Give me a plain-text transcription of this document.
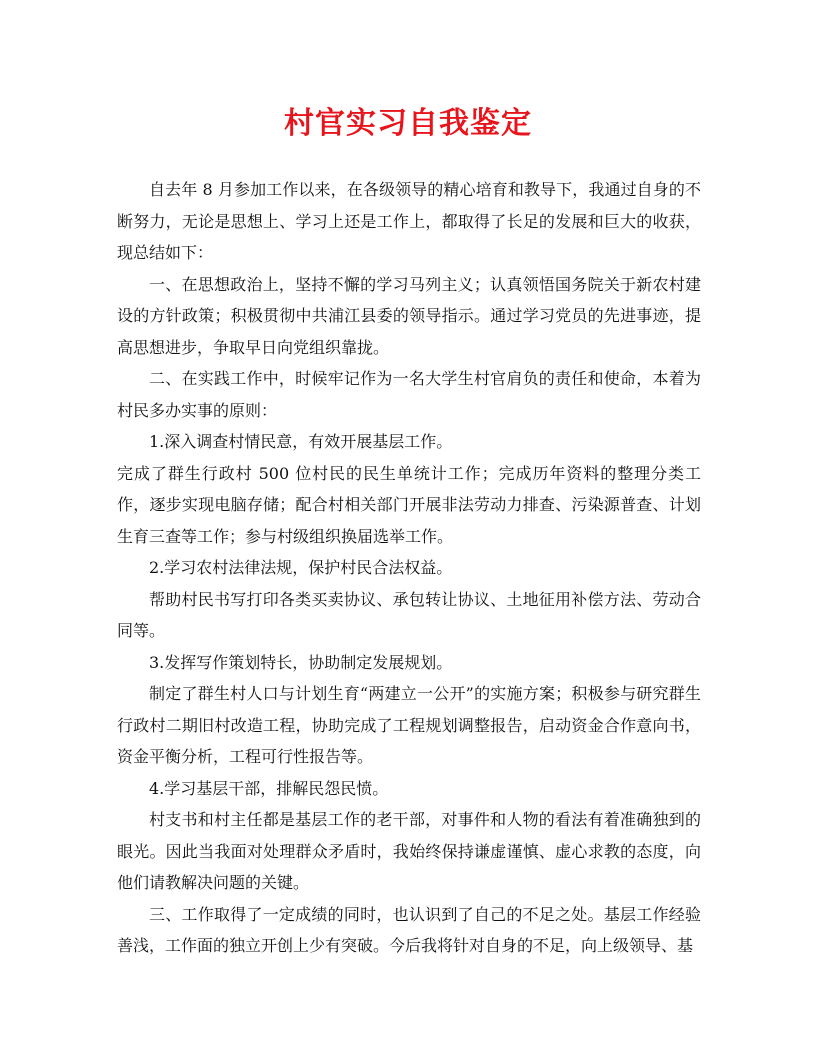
村官实习自我鉴定

自去年 8 月参加工作以来，在各级领导的精心培育和教导下，我通过自身的不断努力，无论是思想上、学习上还是工作上，都取得了长足的发展和巨大的收获，现总结如下：

一、在思想政治上，坚持不懈的学习马列主义；认真领悟国务院关于新农村建设的方针政策；积极贯彻中共浦江县委的领导指示。通过学习党员的先进事迹，提高思想进步，争取早日向党组织靠拢。

二、在实践工作中，时候牢记作为一名大学生村官肩负的责任和使命，本着为村民多办实事的原则：

1.深入调查村情民意，有效开展基层工作。

完成了群生行政村 500 位村民的民生单统计工作；完成历年资料的整理分类工作，逐步实现电脑存储；配合村相关部门开展非法劳动力排查、污染源普查、计划生育三查等工作；参与村级组织换届选举工作。

2.学习农村法律法规，保护村民合法权益。

帮助村民书写打印各类买卖协议、承包转让协议、土地征用补偿方法、劳动合同等。

3.发挥写作策划特长，协助制定发展规划。

制定了群生村人口与计划生育“两建立一公开”的实施方案；积极参与研究群生行政村二期旧村改造工程，协助完成了工程规划调整报告，启动资金合作意向书，资金平衡分析，工程可行性报告等。

4.学习基层干部，排解民怨民愤。

村支书和村主任都是基层工作的老干部，对事件和人物的看法有着准确独到的眼光。因此当我面对处理群众矛盾时，我始终保持谦虚谨慎、虚心求教的态度，向他们请教解决问题的关键。

三、工作取得了一定成绩的同时，也认识到了自己的不足之处。基层工作经验善浅，工作面的独立开创上少有突破。今后我将针对自身的不足，向上级领导、基
